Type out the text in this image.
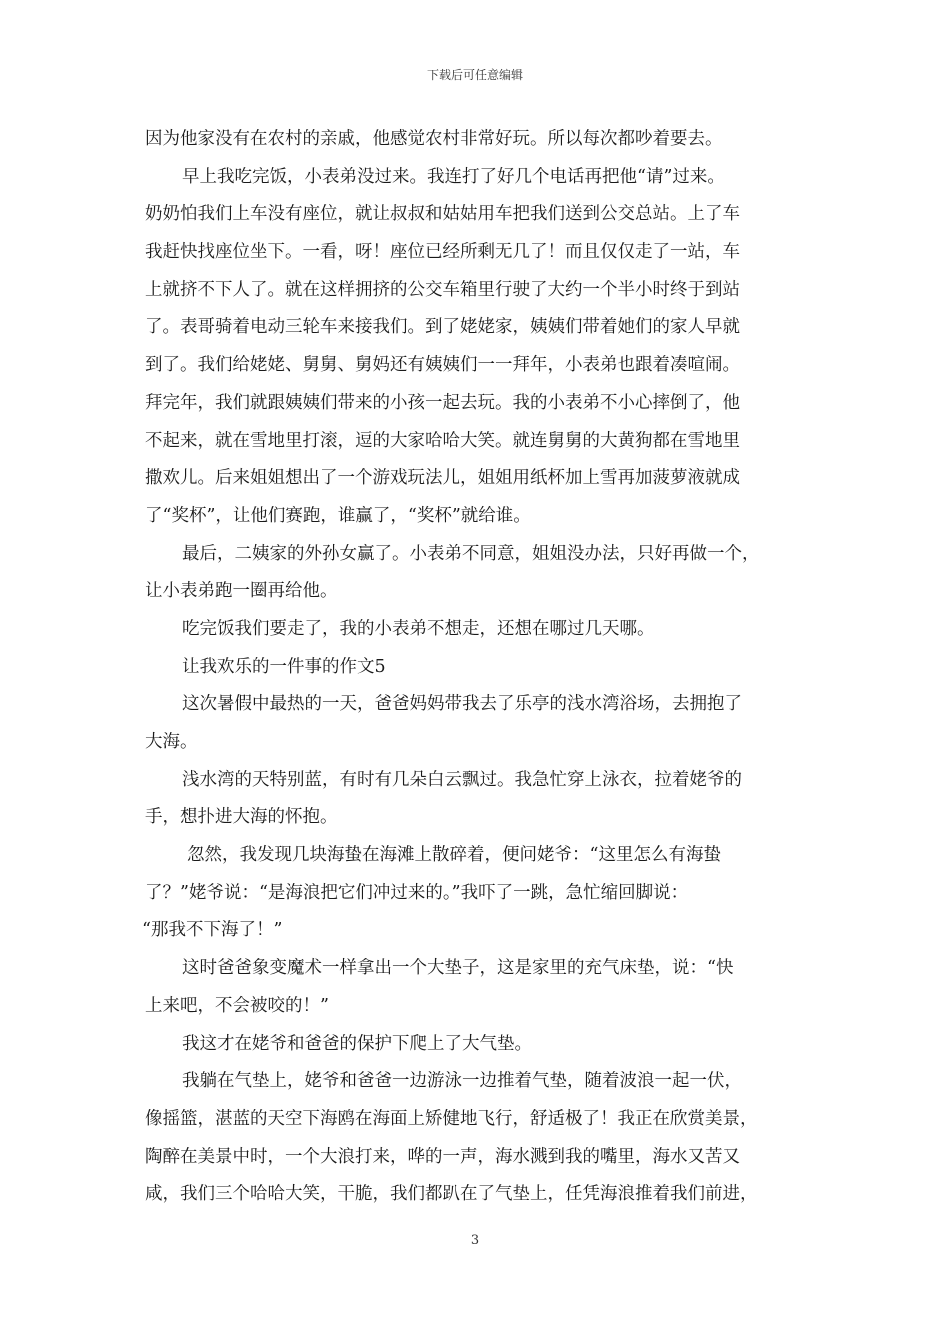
下载后可任意编辑
因为他家没有在农村的亲戚，他感觉农村非常好玩。所以每次都吵着要去。
早上我吃完饭，小表弟没过来。我连打了好几个电话再把他“请”过来。
奶奶怕我们上车没有座位，就让叔叔和姑姑用车把我们送到公交总站。上了车
我赶快找座位坐下。一看，呀！座位已经所剩无几了！而且仅仅走了一站，车
上就挤不下人了。就在这样拥挤的公交车箱里行驶了大约一个半小时终于到站
了。表哥骑着电动三轮车来接我们。到了姥姥家，姨姨们带着她们的家人早就
到了。我们给姥姥、舅舅、舅妈还有姨姨们一一拜年，小表弟也跟着凑喧闹。
拜完年，我们就跟姨姨们带来的小孩一起去玩。我的小表弟不小心摔倒了，他
不起来，就在雪地里打滚，逗的大家哈哈大笑。就连舅舅的大黄狗都在雪地里
撒欢儿。后来姐姐想出了一个游戏玩法儿，姐姐用纸杯加上雪再加菠萝液就成
了“奖杯”，让他们赛跑，谁赢了，“奖杯”就给谁。
最后，二姨家的外孙女赢了。小表弟不同意，姐姐没办法，只好再做一个，
让小表弟跑一圈再给他。
吃完饭我们要走了，我的小表弟不想走，还想在哪过几天哪。
让我欢乐的一件事的作文5
这次暑假中最热的一天，爸爸妈妈带我去了乐亭的浅水湾浴场，去拥抱了
大海。
浅水湾的天特别蓝，有时有几朵白云飘过。我急忙穿上泳衣，拉着姥爷的
手，想扑进大海的怀抱。
忽然，我发现几块海蛰在海滩上散碎着，便问姥爷：“这里怎么有海蛰
了？”姥爷说：“是海浪把它们冲过来的。”我吓了一跳，急忙缩回脚说：
“那我不下海了！”
这时爸爸象变魔术一样拿出一个大垫子，这是家里的充气床垫，说：“快
上来吧，不会被咬的！”
我这才在姥爷和爸爸的保护下爬上了大气垫。
我躺在气垫上，姥爷和爸爸一边游泳一边推着气垫，随着波浪一起一伏，
像摇篮，湛蓝的天空下海鸥在海面上矫健地飞行，舒适极了！我正在欣赏美景，
陶醉在美景中时，一个大浪打来，哗的一声，海水溅到我的嘴里，海水又苦又
咸，我们三个哈哈大笑，干脆，我们都趴在了气垫上，任凭海浪推着我们前进，
3
